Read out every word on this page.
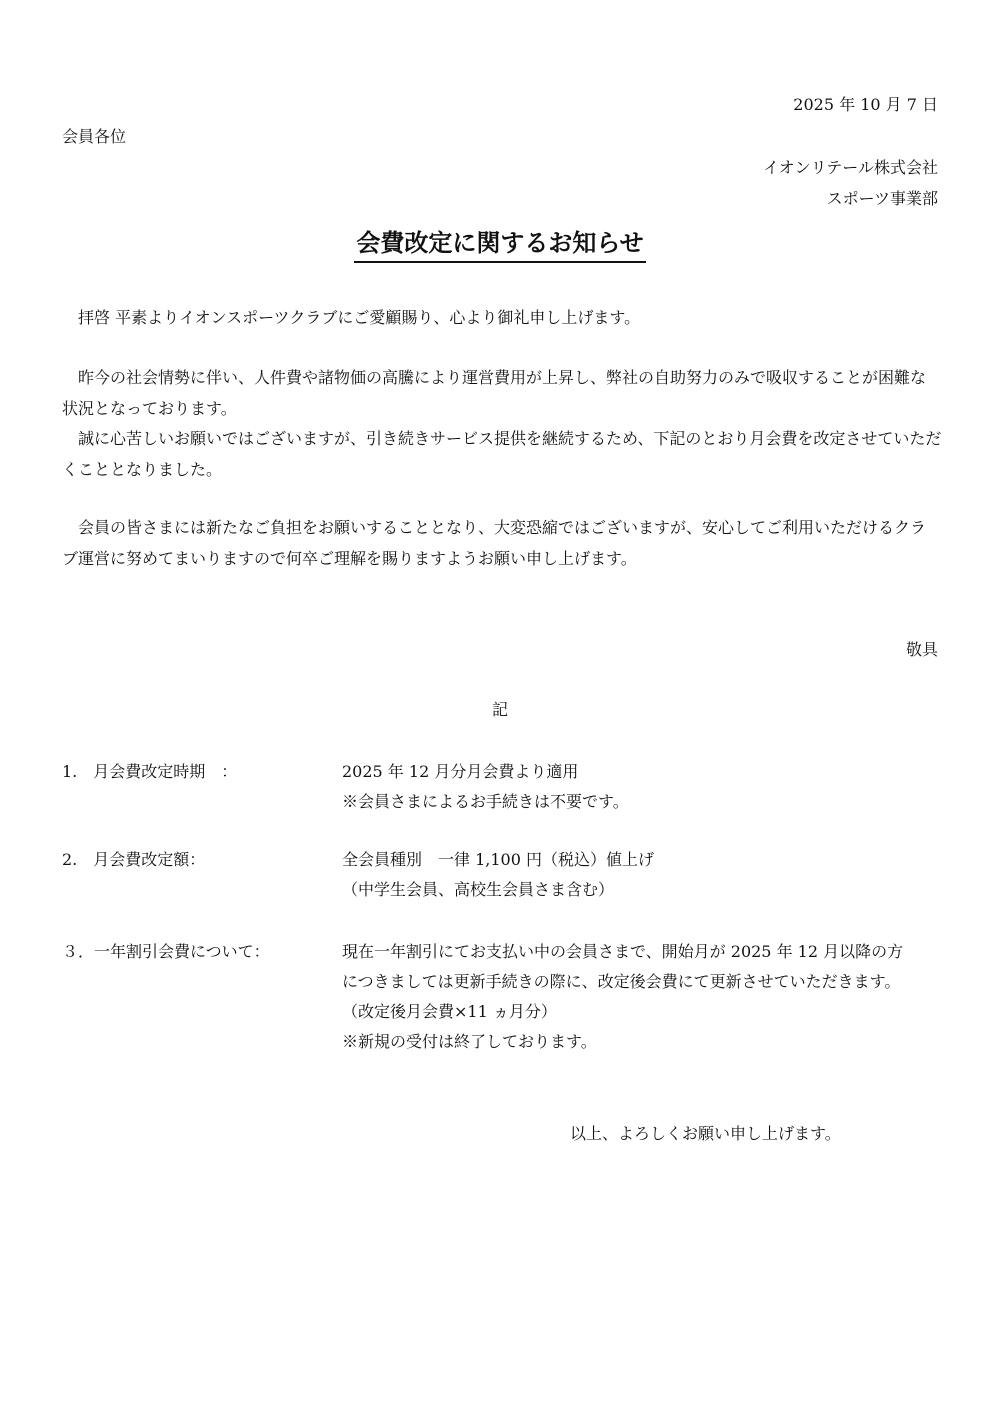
2025 年 10 月 7 日
会員各位
イオンリテール株式会社
スポーツ事業部
会費改定に関するお知らせ
　拝啓 平素よりイオンスポーツクラブにご愛顧賜り、心より御礼申し上げます。
　昨今の社会情勢に伴い、人件費や諸物価の高騰により運営費用が上昇し、弊社の自助努力のみで吸収することが困難な状況となっております。
　誠に心苦しいお願いではございますが、引き続きサービス提供を継続するため、下記のとおり月会費を改定させていただくこととなりました。
　会員の皆さまには新たなご負担をお願いすることとなり、大変恐縮ではございますが、安心してご利用いただけるクラブ運営に努めてまいりますので何卒ご理解を賜りますようお願い申し上げます。
敬具
記
1.　月会費改定時期　：	2025 年 12 月分月会費より適用
※会員さまによるお手続きは不要です。
2.　月会費改定額：	全会員種別　一律 1,100 円（税込）値上げ
（中学生会員、高校生会員さま含む）
３．一年割引会費について：	現在一年割引にてお支払い中の会員さまで、開始月が 2025 年 12 月以降の方
につきましては更新手続きの際に、改定後会費にて更新させていただきます。
（改定後月会費×11 ヵ月分）
※新規の受付は終了しております。
以上、よろしくお願い申し上げます。
